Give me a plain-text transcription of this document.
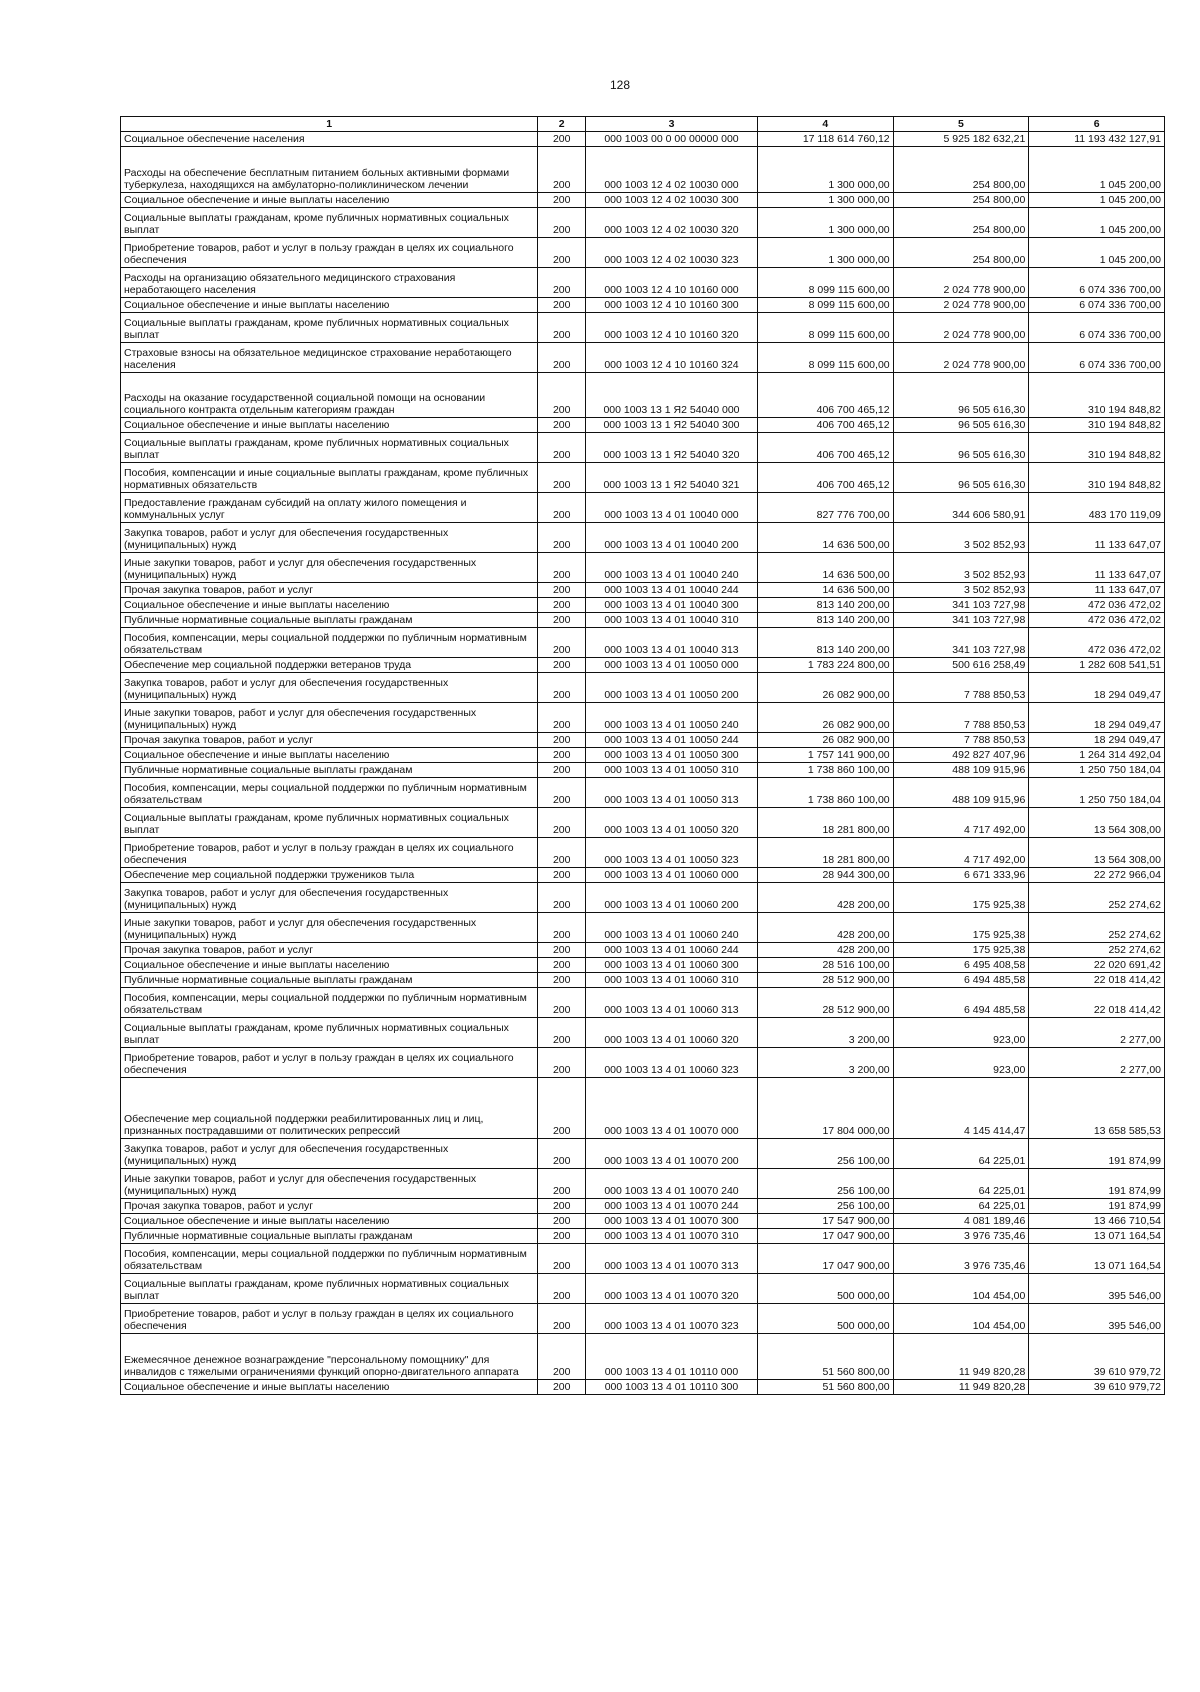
128
1	2	3	4	5	6
Социальное обеспечение населения	200	000 1003 00 0 00 00000 000	17 118 614 760,12	5 925 182 632,21	11 193 432 127,91
Расходы на обеспечение бесплатным питанием больных активными формами туберкулеза, находящихся на амбулаторно-поликлиническом лечении	200	000 1003 12 4 02 10030 000	1 300 000,00	254 800,00	1 045 200,00
Социальное обеспечение и иные выплаты населению	200	000 1003 12 4 02 10030 300	1 300 000,00	254 800,00	1 045 200,00
Социальные выплаты гражданам, кроме публичных нормативных социальных выплат	200	000 1003 12 4 02 10030 320	1 300 000,00	254 800,00	1 045 200,00
Приобретение товаров, работ и услуг в пользу граждан в целях их социального обеспечения	200	000 1003 12 4 02 10030 323	1 300 000,00	254 800,00	1 045 200,00
Расходы на организацию обязательного медицинского страхования неработающего населения	200	000 1003 12 4 10 10160 000	8 099 115 600,00	2 024 778 900,00	6 074 336 700,00
Социальное обеспечение и иные выплаты населению	200	000 1003 12 4 10 10160 300	8 099 115 600,00	2 024 778 900,00	6 074 336 700,00
Социальные выплаты гражданам, кроме публичных нормативных социальных выплат	200	000 1003 12 4 10 10160 320	8 099 115 600,00	2 024 778 900,00	6 074 336 700,00
Страховые взносы на обязательное медицинское страхование неработающего населения	200	000 1003 12 4 10 10160 324	8 099 115 600,00	2 024 778 900,00	6 074 336 700,00
Расходы на оказание государственной социальной помощи на основании социального контракта отдельным категориям граждан	200	000 1003 13 1 Я2 54040 000	406 700 465,12	96 505 616,30	310 194 848,82
Социальное обеспечение и иные выплаты населению	200	000 1003 13 1 Я2 54040 300	406 700 465,12	96 505 616,30	310 194 848,82
Социальные выплаты гражданам, кроме публичных нормативных социальных выплат	200	000 1003 13 1 Я2 54040 320	406 700 465,12	96 505 616,30	310 194 848,82
Пособия, компенсации и иные социальные выплаты гражданам, кроме публичных нормативных обязательств	200	000 1003 13 1 Я2 54040 321	406 700 465,12	96 505 616,30	310 194 848,82
Предоставление гражданам субсидий на оплату жилого помещения и коммунальных услуг	200	000 1003 13 4 01 10040 000	827 776 700,00	344 606 580,91	483 170 119,09
Закупка товаров, работ и услуг для обеспечения государственных (муниципальных) нужд	200	000 1003 13 4 01 10040 200	14 636 500,00	3 502 852,93	11 133 647,07
Иные закупки товаров, работ и услуг для обеспечения государственных (муниципальных) нужд	200	000 1003 13 4 01 10040 240	14 636 500,00	3 502 852,93	11 133 647,07
Прочая закупка товаров, работ и услуг	200	000 1003 13 4 01 10040 244	14 636 500,00	3 502 852,93	11 133 647,07
Социальное обеспечение и иные выплаты населению	200	000 1003 13 4 01 10040 300	813 140 200,00	341 103 727,98	472 036 472,02
Публичные нормативные социальные выплаты гражданам	200	000 1003 13 4 01 10040 310	813 140 200,00	341 103 727,98	472 036 472,02
Пособия, компенсации, меры социальной поддержки по публичным нормативным обязательствам	200	000 1003 13 4 01 10040 313	813 140 200,00	341 103 727,98	472 036 472,02
Обеспечение мер социальной поддержки ветеранов труда	200	000 1003 13 4 01 10050 000	1 783 224 800,00	500 616 258,49	1 282 608 541,51
Закупка товаров, работ и услуг для обеспечения государственных (муниципальных) нужд	200	000 1003 13 4 01 10050 200	26 082 900,00	7 788 850,53	18 294 049,47
Иные закупки товаров, работ и услуг для обеспечения государственных (муниципальных) нужд	200	000 1003 13 4 01 10050 240	26 082 900,00	7 788 850,53	18 294 049,47
Прочая закупка товаров, работ и услуг	200	000 1003 13 4 01 10050 244	26 082 900,00	7 788 850,53	18 294 049,47
Социальное обеспечение и иные выплаты населению	200	000 1003 13 4 01 10050 300	1 757 141 900,00	492 827 407,96	1 264 314 492,04
Публичные нормативные социальные выплаты гражданам	200	000 1003 13 4 01 10050 310	1 738 860 100,00	488 109 915,96	1 250 750 184,04
Пособия, компенсации, меры социальной поддержки по публичным нормативным обязательствам	200	000 1003 13 4 01 10050 313	1 738 860 100,00	488 109 915,96	1 250 750 184,04
Социальные выплаты гражданам, кроме публичных нормативных социальных выплат	200	000 1003 13 4 01 10050 320	18 281 800,00	4 717 492,00	13 564 308,00
Приобретение товаров, работ и услуг в пользу граждан в целях их социального обеспечения	200	000 1003 13 4 01 10050 323	18 281 800,00	4 717 492,00	13 564 308,00
Обеспечение мер социальной поддержки тружеников тыла	200	000 1003 13 4 01 10060 000	28 944 300,00	6 671 333,96	22 272 966,04
Закупка товаров, работ и услуг для обеспечения государственных (муниципальных) нужд	200	000 1003 13 4 01 10060 200	428 200,00	175 925,38	252 274,62
Иные закупки товаров, работ и услуг для обеспечения государственных (муниципальных) нужд	200	000 1003 13 4 01 10060 240	428 200,00	175 925,38	252 274,62
Прочая закупка товаров, работ и услуг	200	000 1003 13 4 01 10060 244	428 200,00	175 925,38	252 274,62
Социальное обеспечение и иные выплаты населению	200	000 1003 13 4 01 10060 300	28 516 100,00	6 495 408,58	22 020 691,42
Публичные нормативные социальные выплаты гражданам	200	000 1003 13 4 01 10060 310	28 512 900,00	6 494 485,58	22 018 414,42
Пособия, компенсации, меры социальной поддержки по публичным нормативным обязательствам	200	000 1003 13 4 01 10060 313	28 512 900,00	6 494 485,58	22 018 414,42
Социальные выплаты гражданам, кроме публичных нормативных социальных выплат	200	000 1003 13 4 01 10060 320	3 200,00	923,00	2 277,00
Приобретение товаров, работ и услуг в пользу граждан в целях их социального обеспечения	200	000 1003 13 4 01 10060 323	3 200,00	923,00	2 277,00
Обеспечение мер социальной поддержки реабилитированных лиц и лиц, признанных пострадавшими от политических репрессий	200	000 1003 13 4 01 10070 000	17 804 000,00	4 145 414,47	13 658 585,53
Закупка товаров, работ и услуг для обеспечения государственных (муниципальных) нужд	200	000 1003 13 4 01 10070 200	256 100,00	64 225,01	191 874,99
Иные закупки товаров, работ и услуг для обеспечения государственных (муниципальных) нужд	200	000 1003 13 4 01 10070 240	256 100,00	64 225,01	191 874,99
Прочая закупка товаров, работ и услуг	200	000 1003 13 4 01 10070 244	256 100,00	64 225,01	191 874,99
Социальное обеспечение и иные выплаты населению	200	000 1003 13 4 01 10070 300	17 547 900,00	4 081 189,46	13 466 710,54
Публичные нормативные социальные выплаты гражданам	200	000 1003 13 4 01 10070 310	17 047 900,00	3 976 735,46	13 071 164,54
Пособия, компенсации, меры социальной поддержки по публичным нормативным обязательствам	200	000 1003 13 4 01 10070 313	17 047 900,00	3 976 735,46	13 071 164,54
Социальные выплаты гражданам, кроме публичных нормативных социальных выплат	200	000 1003 13 4 01 10070 320	500 000,00	104 454,00	395 546,00
Приобретение товаров, работ и услуг в пользу граждан в целях их социального обеспечения	200	000 1003 13 4 01 10070 323	500 000,00	104 454,00	395 546,00
Ежемесячное денежное вознаграждение "персональному помощнику" для инвалидов с тяжелыми ограничениями функций опорно-двигательного аппарата	200	000 1003 13 4 01 10110 000	51 560 800,00	11 949 820,28	39 610 979,72
Социальное обеспечение и иные выплаты населению	200	000 1003 13 4 01 10110 300	51 560 800,00	11 949 820,28	39 610 979,72
